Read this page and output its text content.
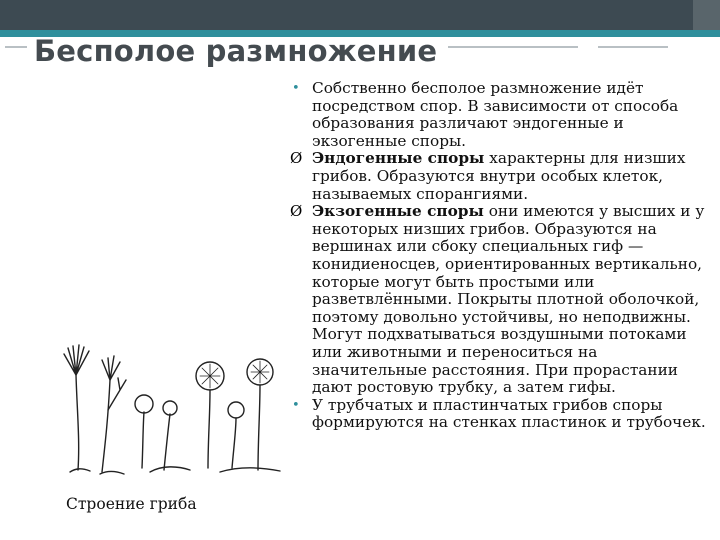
Бесполое размножение
• Собственно бесполое размножение идёт посредством спор. В зависимости от способа образования различают эндогенные и экзогенные споры.
Ø Эндогенные споры характерны для низших грибов. Образуются внутри особых клеток, называемых спорангиями.
Ø Экзогенные споры они имеются у высших и у некоторых низших грибов. Образуются на вершинах или сбоку специальных гиф — конидиеносцев, ориентированных вертикально, которые могут быть простыми или разветвлёнными. Покрыты плотной оболочкой, поэтому довольно устойчивы, но неподвижны. Могут подхватываться воздушными потоками или животными и переноситься на значительные расстояния. При прорастании дают ростовую трубку, а затем гифы.
• У трубчатых и пластинчатых грибов споры формируются на стенках пластинок и трубочек.
Строение гриба
